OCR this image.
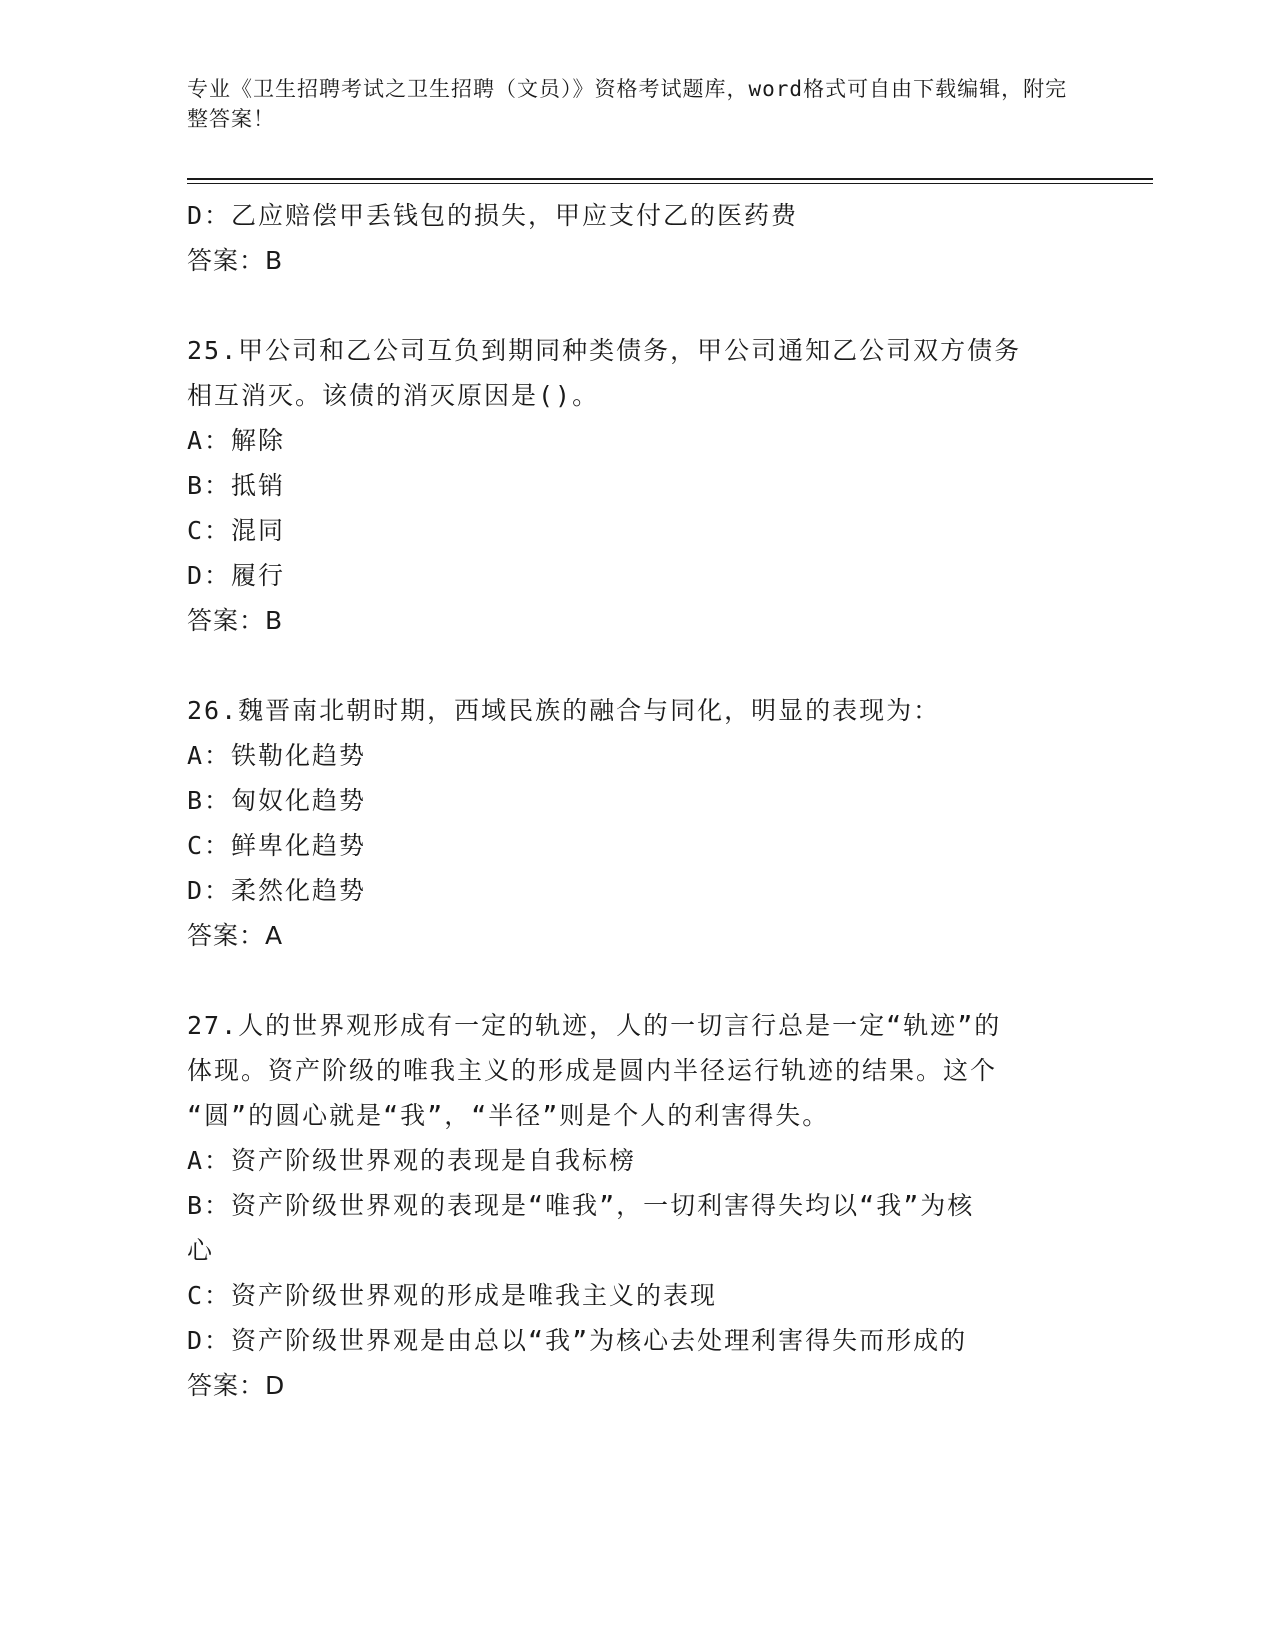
专业《卫生招聘考试之卫生招聘（文员）》资格考试题库，word格式可自由下载编辑，附完整答案！
D：乙应赔偿甲丢钱包的损失，甲应支付乙的医药费
答案：B
25.甲公司和乙公司互负到期同种类债务，甲公司通知乙公司双方债务
相互消灭。该债的消灭原因是()。
A：解除
B：抵销
C：混同
D：履行
答案：B
26.魏晋南北朝时期，西域民族的融合与同化，明显的表现为：
A：铁勒化趋势
B：匈奴化趋势
C：鲜卑化趋势
D：柔然化趋势
答案：A
27.人的世界观形成有一定的轨迹，人的一切言行总是一定“轨迹”的
体现。资产阶级的唯我主义的形成是圆内半径运行轨迹的结果。这个
“圆”的圆心就是“我”，“半径”则是个人的利害得失。
A：资产阶级世界观的表现是自我标榜
B：资产阶级世界观的表现是“唯我”，一切利害得失均以“我”为核
心
C：资产阶级世界观的形成是唯我主义的表现
D：资产阶级世界观是由总以“我”为核心去处理利害得失而形成的
答案：D
